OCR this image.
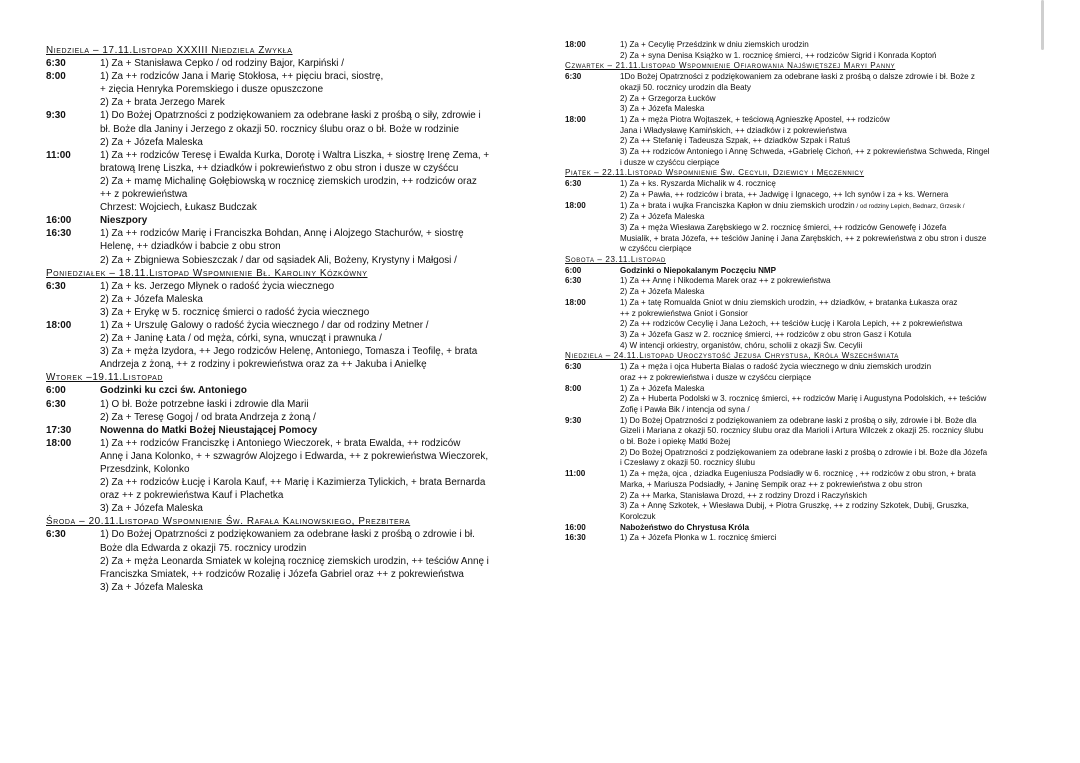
Niedziela – 17.11.Listopad XXXIII Niedziela Zwykła
6:30	1) Za + Stanisława Cepko / od rodziny Bajor, Karpiński /
8:00	1) Za ++ rodziców Jana i Marię Stokłosa, ++ pięciu braci, siostrę,
+ zięcia Henryka Poremskiego i dusze opuszczone
2) Za + brata Jerzego Marek
9:30	1) Do Bożej Opatrzności z podziękowaniem za odebrane łaski z prośbą o siły, zdrowie i
bł. Boże dla Janiny i Jerzego z okazji 50. rocznicy ślubu oraz o bł. Boże w rodzinie
2) Za + Józefa Maleska
11:00	1) Za ++ rodziców Teresę i Ewalda Kurka, Dorotę i Waltra Liszka, + siostrę Irenę Zema, +
bratową Irenę Liszka, ++ dziadków i pokrewieństwo z obu stron i dusze w czyśćcu
2) Za + mamę Michalinę Gołębiowską w rocznicę ziemskich urodzin, ++ rodziców oraz
++ z pokrewieństwa
Chrzest: Wojciech, Łukasz Budczak
16:00	Nieszpory
16:30	1) Za ++ rodziców Marię i Franciszka Bohdan, Annę i Alojzego Stachurów, + siostrę
Helenę, ++ dziadków i babcie z obu stron
2) Za + Zbigniewa Sobieszczak / dar od sąsiadek Ali, Bożeny, Krystyny i Małgosi /
Poniedziałek – 18.11.Listopad Wspomnienie Bł. Karoliny Kózkówny
6:30	1) Za + ks. Jerzego Młynek o radość życia wiecznego
2) Za + Józefa Maleska
3) Za + Erykę w 5. rocznicę śmierci o radość życia wiecznego
18:00	1) Za + Urszulę Galowy o radość życia wiecznego / dar od rodziny Metner /
2) Za + Janinę Łata / od męża, córki, syna, wnucząt i prawnuka /
3) Za + męża Izydora, ++ Jego rodziców Helenę, Antoniego, Tomasza i Teofilę, + brata
Andrzeja z żoną, ++ z rodziny i pokrewieństwa oraz za ++ Jakuba i Anielkę
Wtorek –19.11.Listopad
6:00	Godzinki ku czci św. Antoniego
6:30	1) O bł. Boże potrzebne łaski i zdrowie dla Marii
2) Za + Teresę Gogoj / od brata Andrzeja z żoną /
17:30	Nowenna do Matki Bożej Nieustającej Pomocy
18:00	1) Za ++ rodziców Franciszkę i Antoniego Wieczorek, + brata Ewalda, ++ rodziców
Annę i Jana Kolonko, + + szwagrów Alojzego i Edwarda, ++ z pokrewieństwa Wieczorek,
Przesdzink, Kolonko
2) Za ++ rodziców Łucję i Karola Kauf, ++ Marię i Kazimierza Tylickich, + brata Bernarda
oraz ++ z pokrewieństwa Kauf i Plachetka
3) Za + Józefa Maleska
Środa – 20.11.Listopad Wspomnienie Św. Rafała Kalinowskiego, Prezbitera
6:30	1) Do Bożej Opatrzności z podziękowaniem za odebrane łaski z prośbą o zdrowie i bł.
Boże dla Edwarda z okazji 75. rocznicy urodzin
2) Za + męża Leonarda Smiatek w kolejną rocznicę ziemskich urodzin, ++ teściów Annę i
Franciszka Smiatek, ++ rodziców Rozalię i Józefa Gabriel oraz ++ z pokrewieństwa
3) Za + Józefa Maleska
18:00	1) Za + Cecylię Prześdzink w dniu ziemskich urodzin
2) Za + syna Denisa Książko w 1. rocznicę śmierci, ++ rodziców Sigrid i Konrada Koptoń
Czwartek – 21.11.Listopad Wspomnienie Ofiarowania Najświętszej Maryi Panny
6:30	1Do Bożej Opatrzności z podziękowaniem za odebrane łaski z prośbą o dalsze zdrowie i bł. Boże z
okazji 50. rocznicy urodzin dla Beaty
2) Za + Grzegorza Łucków
3) Za + Józefa Maleska
18:00	1) Za + męża Piotra Wojtaszek, + teściową Agnieszkę Apostel, ++ rodziców
Jana i Władysławę Kamińskich, ++ dziadków i z pokrewieństwa
2) Za ++ Stefanię i Tadeusza Szpak, ++ dziadków Szpak i Ratuś
3) Za ++ rodziców Antoniego i Annę Schweda, +Gabrielę Cichoń, ++ z pokrewieństwa Schweda, Ringel
i dusze w czyśćcu cierpiące
Piątek – 22.11.Listopad Wspomnienie Św. Cecylii, Dziewicy i Męczennicy
6:30	1) Za + ks. Ryszarda Michalik w 4. rocznicę
2) Za + Pawła, ++ rodziców i brata, ++ Jadwigę i Ignacego, ++ Ich synów i za + ks. Wernera
18:00	1) Za + brata i wujka Franciszka Kapłon w dniu ziemskich urodzin / od rodziny Lepich, Bednarz, Grzesik /
2) Za + Józefa Maleska
3) Za + męża Wiesława Zarębskiego w 2. rocznicę śmierci, ++ rodziców Genowefę i Józefa
Musialik, + brata Józefa, ++ teściów Janinę i Jana Zarębskich, ++ z pokrewieństwa z obu stron i dusze
w czyśćcu cierpiące
Sobota – 23.11.Listopad
6:00	Godzinki o Niepokalanym Poczęciu NMP
6:30	1) Za ++ Annę i Nikodema Marek oraz ++ z pokrewieństwa
2) Za + Józefa Maleska
18:00	1) Za + tatę Romualda Gniot w dniu ziemskich urodzin, ++ dziadków, + bratanka Łukasza oraz
++ z pokrewieństwa Gniot i Gonsior
2) Za ++ rodziców Cecylię i Jana Leżoch, ++ teściów Łucję i Karola Lepich, ++ z pokrewieństwa
3) Za + Józefa Gasz w 2. rocznicę śmierci, ++ rodziców z obu stron Gasz i Kotula
4) W intencji orkiestry, organistów, chóru, scholii z okazji Św. Cecylii
Niedziela – 24.11.Listopad Uroczystość Jezusa Chrystusa, Króla Wszechświata
6:30	1) Za + męża i ojca Huberta Bialas o radość życia wiecznego w dniu ziemskich urodzin
oraz ++ z pokrewieństwa i dusze w czyśćcu cierpiące
8:00	1) Za + Józefa Maleska
2) Za + Huberta Podolski w 3. rocznicę śmierci, ++ rodziców Marię i Augustyna Podolskich, ++ teściów
Zofię i Pawła Bik / intencja od syna /
9:30	1) Do Bożej Opatrzności z podziękowaniem za odebrane łaski z prośbą o siły, zdrowie i bł. Boże dla
Gizeli i Mariana z okazji 50. rocznicy ślubu oraz dla Marioli i Artura Wilczek z okazji 25. rocznicy ślubu
o bł. Boże i opiekę Matki Bożej
2) Do Bożej Opatrzności z podziękowaniem za odebrane łaski z prośbą o zdrowie i bł. Boże dla Józefa
i Czesławy z okazji 50. rocznicy ślubu
11:00	1) Za + męża, ojca , dziadka Eugeniusza Podsiadły w 6. rocznicę , ++ rodziców z obu stron, + brata
Marka, + Mariusza Podsiadły, + Janinę Sempik oraz ++ z pokrewieństwa z obu stron
2) Za ++ Marka, Stanisława Drozd, ++ z rodziny Drozd i Raczyńskich
3) Za + Annę Szkotek, + Wiesława Dubij, + Piotra Gruszkę, ++ z rodziny Szkotek, Dubij, Gruszka,
Korolczuk
16:00	Nabożeństwo do Chrystusa Króla
16:30	1) Za + Józefa Płonka w 1. rocznicę śmierci
